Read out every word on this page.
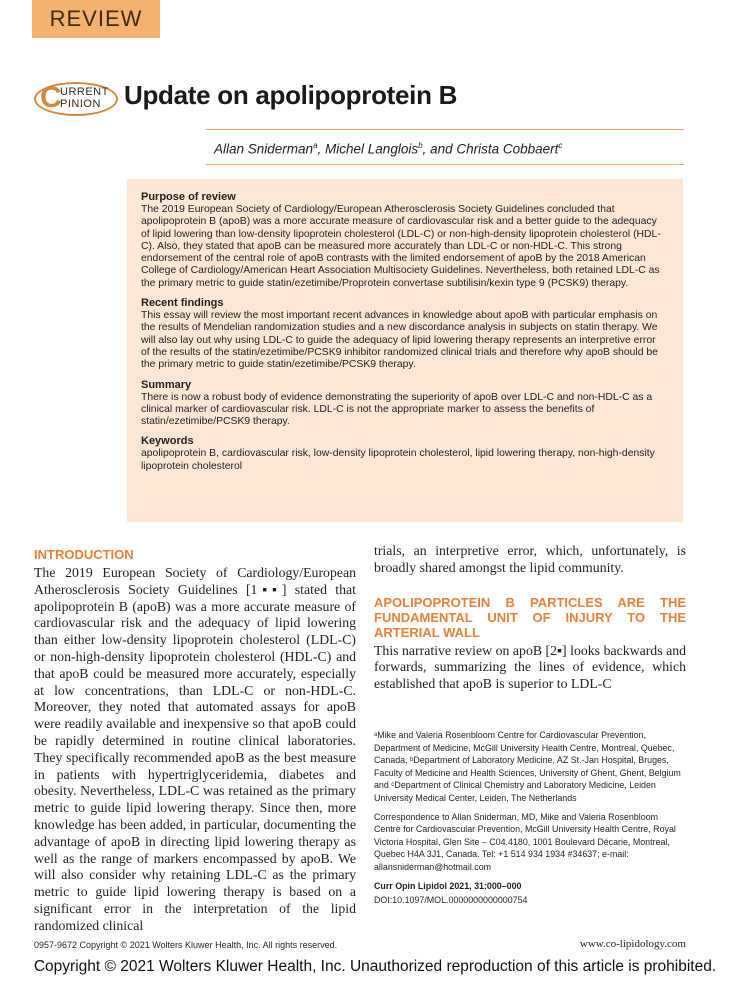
REVIEW
C
URRENT
PINION Update on apolipoprotein B
Allan Sniderman$^a$, Michel Langlois$^b$, and Christa Cobbaert$^c$
Purpose of review

The 2019 European Society of Cardiology/European Atherosclerosis Society Guidelines concluded that apolipoprotein B (apoB) was a more accurate measure of cardiovascular risk and a better guide to the adequacy of lipid lowering than low-density lipoprotein cholesterol (LDL-C) or non-high-density lipoprotein cholesterol (HDL-C). Also, they stated that apoB can be measured more accurately than LDL-C or non-HDL-C. This strong endorsement of the central role of apoB contrasts with the limited endorsement of apoB by the 2018 American College of Cardiology/American Heart Association Multisociety Guidelines. Nevertheless, both retained LDL-C as the primary metric to guide statin/ezetimibe/Proprotein convertase subtilisin/kexin type 9 (PCSK9) therapy.

Recent findings

This essay will review the most important recent advances in knowledge about apoB with particular emphasis on the results of Mendelian randomization studies and a new discordance analysis in subjects on statin therapy. We will also lay out why using LDL-C to guide the adequacy of lipid lowering therapy represents an interpretive error of the results of the statin/ezetimibe/PCSK9 inhibitor randomized clinical trials and therefore why apoB should be the primary metric to guide statin/ezetimibe/PCSK9 therapy.

Summary

There is now a robust body of evidence demonstrating the superiority of apoB over LDL-C and non-HDL-C as a clinical marker of cardiovascular risk. LDL-C is not the appropriate marker to assess the benefits of statin/ezetimibe/PCSK9 therapy.

Keywords

apolipoprotein B, cardiovascular risk, low-density lipoprotein cholesterol, lipid lowering therapy, non-high-density lipoprotein cholesterol

INTRODUCTION

The 2019 European Society of Cardiology/European Atherosclerosis Society Guidelines [1▪▪] stated that apolipoprotein B (apoB) was a more accurate measure of cardiovascular risk and the adequacy of lipid lowering than either low-density lipoprotein cholesterol (LDL-C) or non-high-density lipoprotein cholesterol (HDL-C) and that apoB could be measured more accurately, especially at low concentrations, than LDL-C or non-HDL-C. Moreover, they noted that automated assays for apoB were readily available and inexpensive so that apoB could be rapidly determined in routine clinical laboratories. They specifically recommended apoB as the best measure in patients with hypertriglyceridemia, diabetes and obesity. Nevertheless, LDL-C was retained as the primary metric to guide lipid lowering therapy. Since then, more knowledge has been added, in particular, documenting the advantage of apoB in directing lipid lowering therapy as well as the range of markers encompassed by apoB. We will also consider why retaining LDL-C as the primary metric to guide lipid lowering therapy is based on a significant error in the interpretation of the lipid randomized clinical

trials, an interpretive error, which, unfortunately, is broadly shared amongst the lipid community.

APOLIPOPROTEIN B PARTICLES ARE THE FUNDAMENTAL UNIT OF INJURY TO THE ARTERIAL WALL

This narrative review on apoB [2▪] looks backwards and forwards, summarizing the lines of evidence, which established that apoB is superior to LDL-C

ᵃMike and Valeria Rosenbloom Centre for Cardiovascular Prevention, Department of Medicine, McGill University Health Centre, Montreal, Quebec, Canada, ᵇDepartment of Laboratory Medicine, AZ St.-Jan Hospital, Bruges, Faculty of Medicine and Health Sciences, University of Ghent, Ghent, Belgium and ᶜDepartment of Clinical Chemistry and Laboratory Medicine, Leiden University Medical Center, Leiden, The Netherlands

Correspondence to Allan Sniderman, MD, Mike and Valeria Rosenbloom Centre for Cardiovascular Prevention, McGill University Health Centre, Royal Victoria Hospital, Glen Site – C04.4180, 1001 Boulevard Décarie, Montreal, Quebec H4A 3J1, Canada. Tel: +1 514 934 1934 #34637; e-mail: allansniderman@hotmail.com

Curr Opin Lipidol 2021, 31:000–000

DOI:10.1097/MOL.0000000000000754

0957-9672 Copyright © 2021 Wolters Kluwer Health, Inc. All rights reserved.	www.co-lipidology.com
Copyright © 2021 Wolters Kluwer Health, Inc. Unauthorized reproduction of this article is prohibited.
